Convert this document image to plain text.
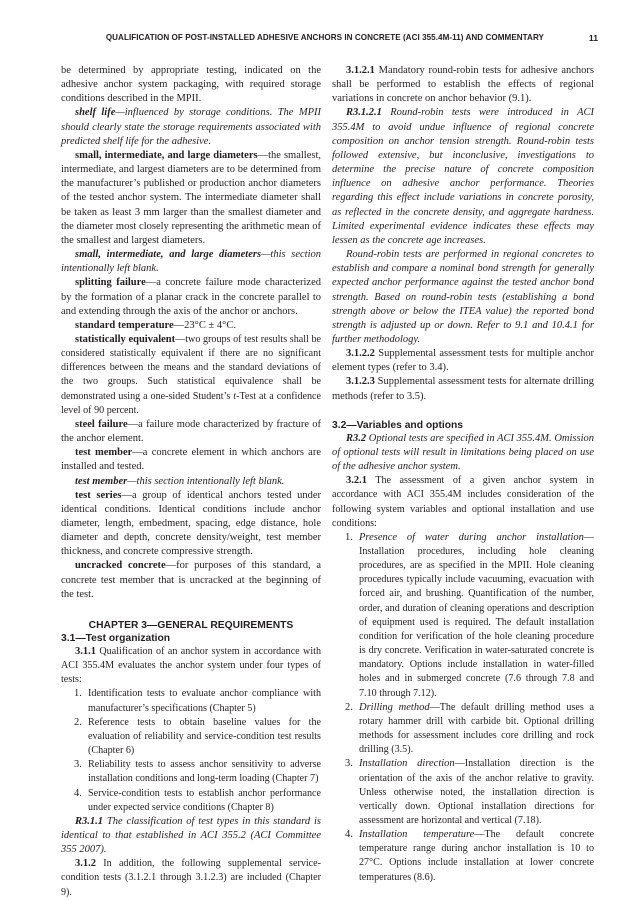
QUALIFICATION OF POST-INSTALLED ADHESIVE ANCHORS IN CONCRETE (ACI 355.4M-11) AND COMMENTARY	11

be determined by appropriate testing, indicated on the adhesive anchor system packaging, with required storage conditions described in the MPII.

shelf life—influenced by storage conditions. The MPII should clearly state the storage requirements associated with predicted shelf life for the adhesive.

small, intermediate, and large diameters—the smallest, intermediate, and largest diameters are to be determined from the manufacturer’s published or production anchor diameters of the tested anchor system. The intermediate diameter shall be taken as least 3 mm larger than the smallest diameter and the diameter most closely representing the arithmetic mean of the smallest and largest diameters.

small, intermediate, and large diameters—this section intentionally left blank.

splitting failure—a concrete failure mode characterized by the formation of a planar crack in the concrete parallel to and extending through the axis of the anchor or anchors.

standard temperature—23°C ± 4°C.

statistically equivalent—two groups of test results shall be considered statistically equivalent if there are no significant differences between the means and the standard deviations of the two groups. Such statistical equivalence shall be demonstrated using a one-sided Student’s t-Test at a confidence level of 90 percent.

steel failure—a failure mode characterized by fracture of the anchor element.

test member—a concrete element in which anchors are installed and tested.

test member—this section intentionally left blank.

test series—a group of identical anchors tested under identical conditions. Identical conditions include anchor diameter, length, embedment, spacing, edge distance, hole diameter and depth, concrete density/weight, test member thickness, and concrete compressive strength.

uncracked concrete—for purposes of this standard, a concrete test member that is uncracked at the beginning of the test.

CHAPTER 3—GENERAL REQUIREMENTS

3.1—Test organization

3.1.1 Qualification of an anchor system in accordance with ACI 355.4M evaluates the anchor system under four types of tests:

1. Identification tests to evaluate anchor compliance with manufacturer’s specifications (Chapter 5)
2. Reference tests to obtain baseline values for the evaluation of reliability and service-condition test results (Chapter 6)
3. Reliability tests to assess anchor sensitivity to adverse installation conditions and long-term loading (Chapter 7)
4. Service-condition tests to establish anchor performance under expected service conditions (Chapter 8)

R3.1.1 The classification of test types in this standard is identical to that established in ACI 355.2 (ACI Committee 355 2007).

3.1.2 In addition, the following supplemental service-condition tests (3.1.2.1 through 3.1.2.3) are included (Chapter 9).

3.1.2.1 Mandatory round-robin tests for adhesive anchors shall be performed to establish the effects of regional variations in concrete on anchor behavior (9.1).

R3.1.2.1 Round-robin tests were introduced in ACI 355.4M to avoid undue influence of regional concrete composition on anchor tension strength. Round-robin tests followed extensive, but inconclusive, investigations to determine the precise nature of concrete composition influence on adhesive anchor performance. Theories regarding this effect include variations in concrete porosity, as reflected in the concrete density, and aggregate hardness. Limited experimental evidence indicates these effects may lessen as the concrete age increases.

Round-robin tests are performed in regional concretes to establish and compare a nominal bond strength for generally expected anchor performance against the tested anchor bond strength. Based on round-robin tests (establishing a bond strength above or below the ITEA value) the reported bond strength is adjusted up or down. Refer to 9.1 and 10.4.1 for further methodology.

3.1.2.2 Supplemental assessment tests for multiple anchor element types (refer to 3.4).

3.1.2.3 Supplemental assessment tests for alternate drilling methods (refer to 3.5).

3.2—Variables and options

R3.2 Optional tests are specified in ACI 355.4M. Omission of optional tests will result in limitations being placed on use of the adhesive anchor system.

3.2.1 The assessment of a given anchor system in accordance with ACI 355.4M includes consideration of the following system variables and optional installation and use conditions:

1. Presence of water during anchor installation—Installation procedures, including hole cleaning procedures, are as specified in the MPII. Hole cleaning procedures typically include vacuuming, evacuation with forced air, and brushing. Quantification of the number, order, and duration of cleaning operations and description of equipment used is required. The default installation condition for verification of the hole cleaning procedure is dry concrete. Verification in water-saturated concrete is mandatory. Options include installation in water-filled holes and in submerged concrete (7.6 through 7.8 and 7.10 through 7.12).
2. Drilling method—The default drilling method uses a rotary hammer drill with carbide bit. Optional drilling methods for assessment includes core drilling and rock drilling (3.5).
3. Installation direction—Installation direction is the orientation of the axis of the anchor relative to gravity. Unless otherwise noted, the installation direction is vertically down. Optional installation directions for assessment are horizontal and vertical (7.18).
4. Installation temperature—The default concrete temperature range during anchor installation is 10 to 27°C. Options include installation at lower concrete temperatures (8.6).
